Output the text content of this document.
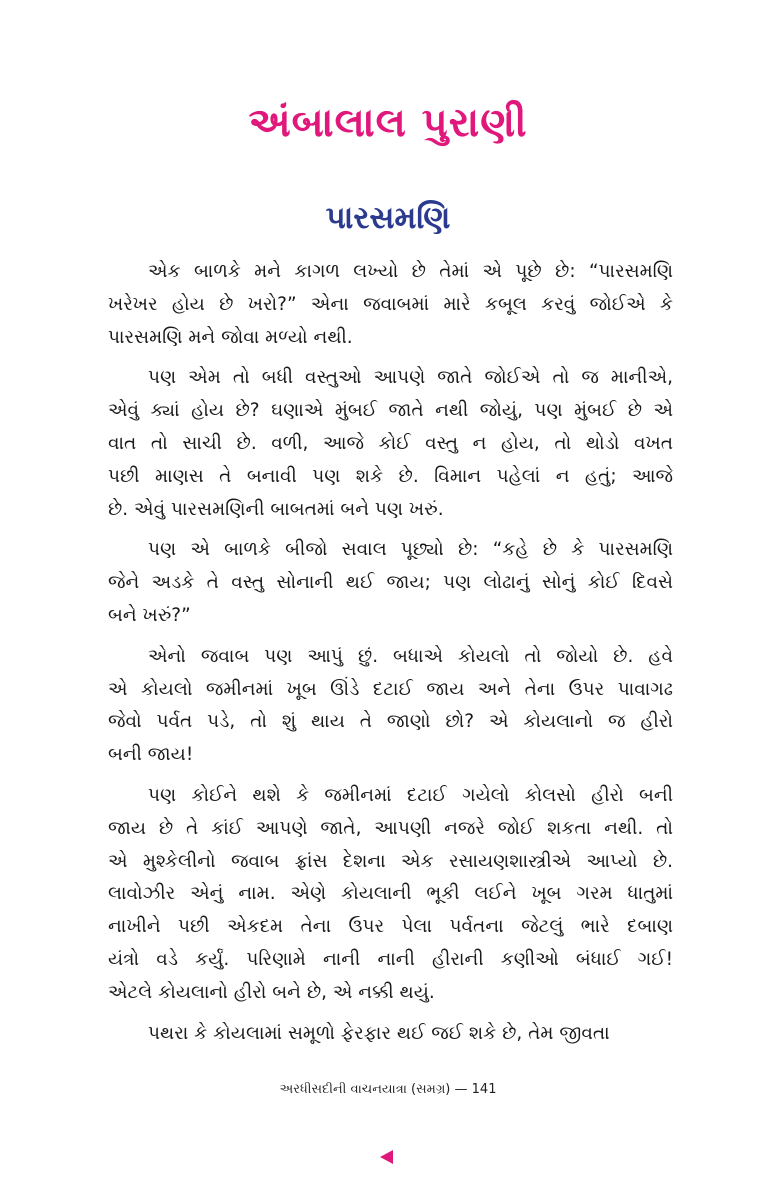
અંબાલાલ પુરાણી
પારસમણિ
એક બાળકે મને કાગળ લખ્યો છે તેમાં એ પૂછે છે: “પારસમણિ
ખરેખર હોય છે ખરો?” એના જવાબમાં મારે કબૂલ કરવું જોઈએ કે
પારસમણિ મને જોવા મળ્યો નથી.
પણ એમ તો બધી વસ્તુઓ આપણે જાતે જોઈએ તો જ માનીએ,
એવું ક્યાં હોય છે? ઘણાએ મુંબઈ જાતે નથી જોયું, પણ મુંબઈ છે એ
વાત તો સાચી છે. વળી, આજે કોઈ વસ્તુ ન હોય, તો થોડો વખત
પછી માણસ તે બનાવી પણ શકે છે. વિમાન પહેલાં ન હતું; આજે
છે. એવું પારસમણિની બાબતમાં બને પણ ખરું.
પણ એ બાળકે બીજો સવાલ પૂછ્યો છે: “કહે છે કે પારસમણિ
જેને અડકે તે વસ્તુ સોનાની થઈ જાય; પણ લોઢાનું સોનું કોઈ દિવસે
બને ખરું?”
એનો જવાબ પણ આપું છું. બધાએ કોયલો તો જોયો છે. હવે
એ કોયલો જમીનમાં ખૂબ ઊંડે દટાઈ જાય અને તેના ઉપર પાવાગઢ
જેવો પર્વત પડે, તો શું થાય તે જાણો છો? એ કોયલાનો જ હીરો
બની જાય!
પણ કોઈને થશે કે જમીનમાં દટાઈ ગયેલો કોલસો હીરો બની
જાય છે તે કાંઈ આપણે જાતે, આપણી નજરે જોઈ શકતા નથી. તો
એ મુશ્કેલીનો જવાબ ફ્રાંસ દેશના એક રસાયણશાસ્ત્રીએ આપ્યો છે.
લાવોઝીર એનું નામ. એણે કોયલાની ભૂકી લઈને ખૂબ ગરમ ધાતુમાં
નાખીને પછી એકદમ તેના ઉપર પેલા પર્વતના જેટલું ભારે દબાણ
યંત્રો વડે કર્યું. પરિણામે નાની નાની હીરાની કણીઓ બંધાઈ ગઈ!
એટલે કોયલાનો હીરો બને છે, એ નક્કી થયું.
પથરા કે કોયલામાં સમૂળો ફેરફાર થઈ જઈ શકે છે, તેમ જીવતા
અરધીસદીની વાચનયાત્રા (સમગ્ર) — 141
